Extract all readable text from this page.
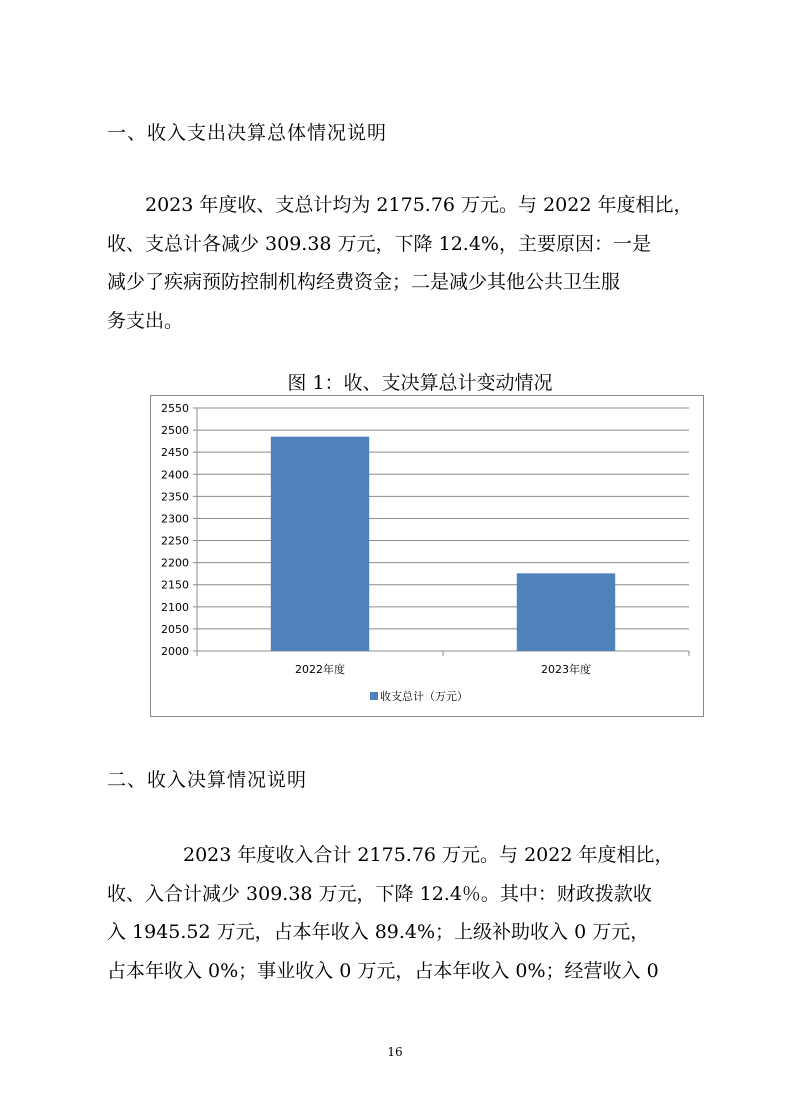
一、收入支出决算总体情况说明
　　2023 年度收、支总计均为 2175.76 万元。与 2022 年度相比，
收、支总计各减少 309.38 万元，下降 12.4%，主要原因：一是
减少了疾病预防控制机构经费资金；二是减少其他公共卫生服
务支出。
图 1：收、支决算总计变动情况
2000
2050
2100
2150
2200
2250
2300
2350
2400
2450
2500
2550
2022年度	2023年度
收支总计（万元）
二、收入决算情况说明
　　　　2023 年度收入合计 2175.76 万元。与 2022 年度相比，
收、入合计减少 309.38 万元，下降 12.4％。其中：财政拨款收
入 1945.52 万元，占本年收入 89.4%；上级补助收入 0 万元，
占本年收入 0%；事业收入 0 万元，占本年收入 0%；经营收入 0
16
